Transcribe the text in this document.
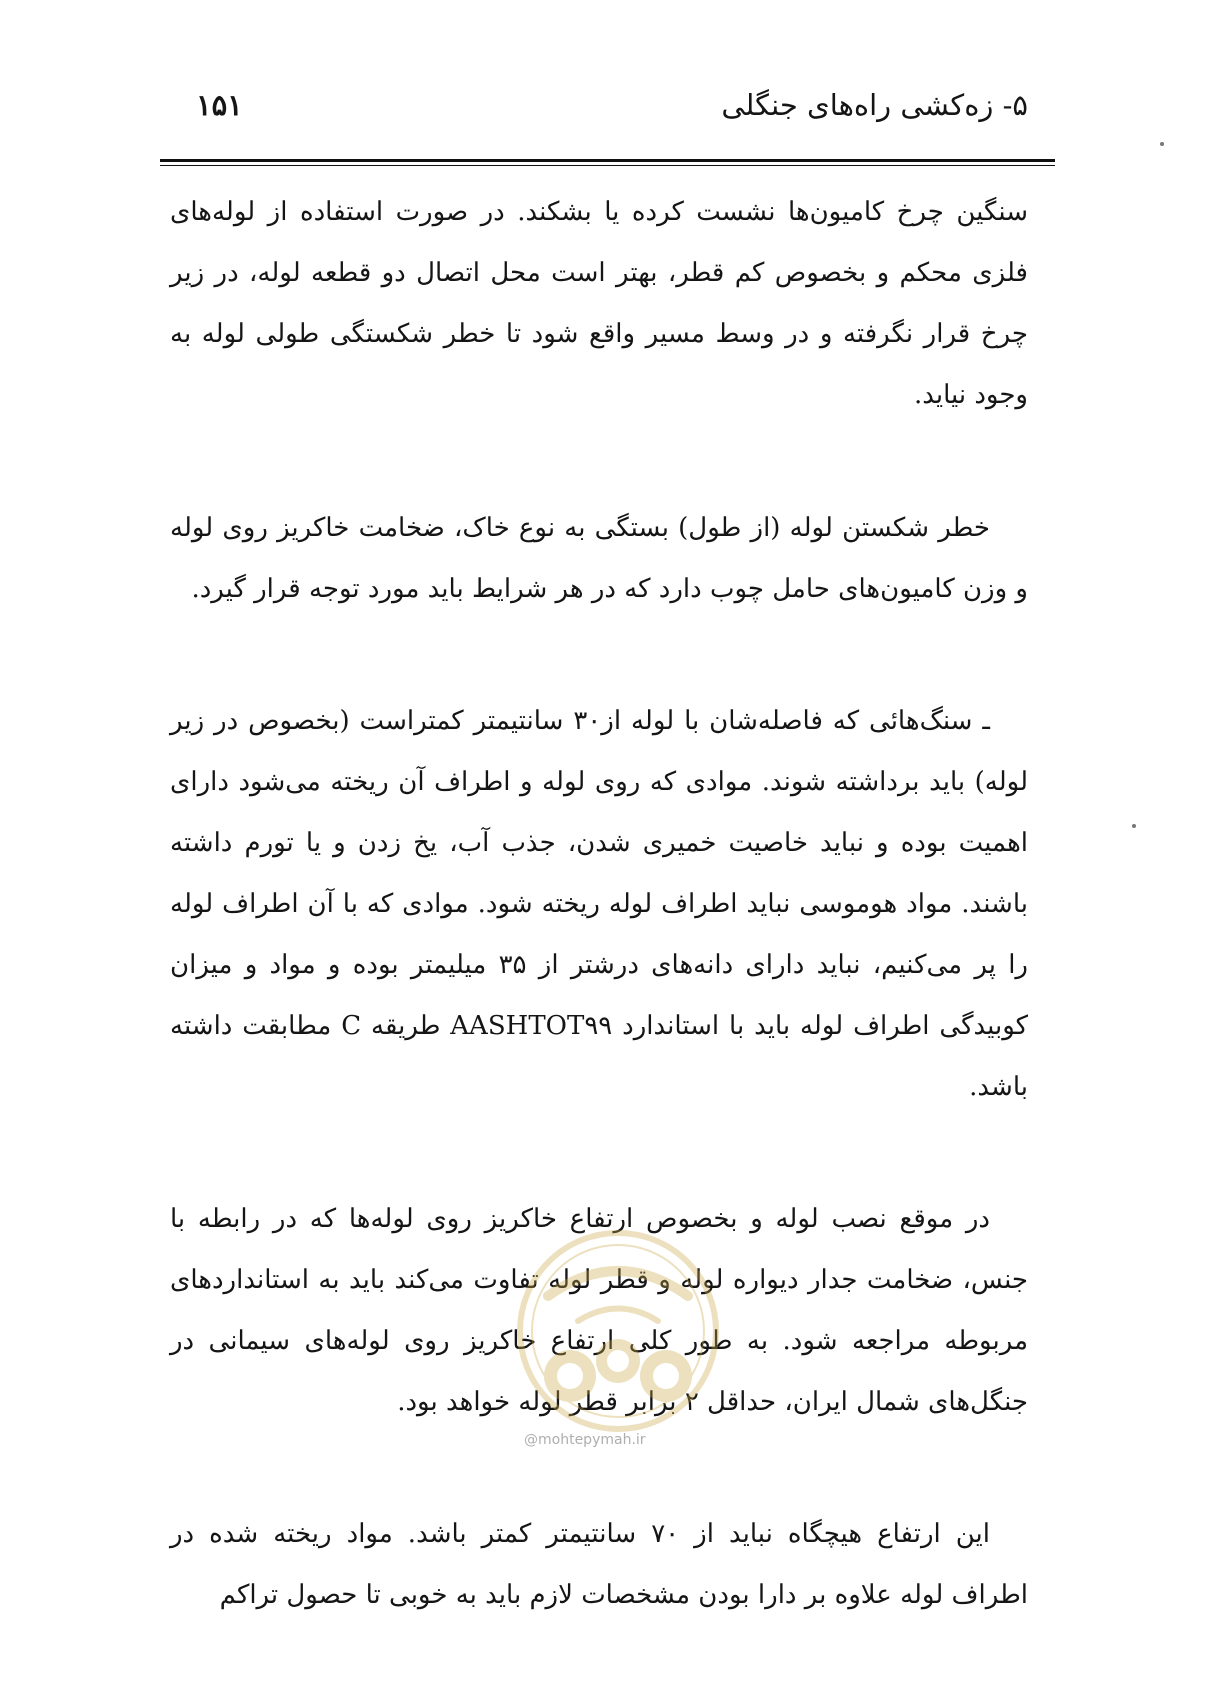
۵- زه‌کشی راه‌های جنگلی
۱۵۱

سنگین چرخ کامیون‌ها نشست کرده یا بشکند. در صورت استفاده از لوله‌های فلزی محکم و بخصوص کم قطر، بهتر است محل اتصال دو قطعه لوله، در زیر چرخ قرار نگرفته و در وسط مسیر واقع شود تا خطر شکستگی طولی لوله به وجود نیاید.

خطر شکستن لوله (از طول) بستگی به نوع خاک، ضخامت خاکریز روی لوله و وزن کامیون‌های حامل چوب دارد که در هر شرایط باید مورد توجه قرار گیرد.

ـ سنگ‌هائی که فاصله‌شان با لوله از۳۰ سانتیمتر کمتراست (بخصوص در زیر لوله) باید برداشته شوند. موادی که روی لوله و اطراف آن ریخته می‌شود دارای اهمیت بوده و نباید خاصیت خمیری شدن، جذب آب، یخ زدن و یا تورم داشته باشند. مواد هوموسی نباید اطراف لوله ریخته شود. موادی که با آن اطراف لوله را پر می‌کنیم، نباید دارای دانه‌های درشتر از ۳۵ میلیمتر بوده و مواد و میزان کوبیدگی اطراف لوله باید با استاندارد AASHTOT۹۹ طریقه C مطابقت داشته باشد.

در موقع نصب لوله و بخصوص ارتفاع خاکریز روی لوله‌ها که در رابطه با جنس، ضخامت جدار دیواره لوله و قطر لوله تفاوت می‌کند باید به استانداردهای مربوطه مراجعه شود. به طور کلی ارتفاع خاکریز روی لوله‌های سیمانی در جنگل‌های شمال ایران، حداقل ۲ برابر قطر لوله خواهد بود.

این ارتفاع هیچگاه نباید از ۷۰ سانتیمتر کمتر باشد. مواد ریخته شده در اطراف لوله علاوه بر دارا بودن مشخصات لازم باید به خوبی تا حصول تراکم

@mohtepymah.ir
